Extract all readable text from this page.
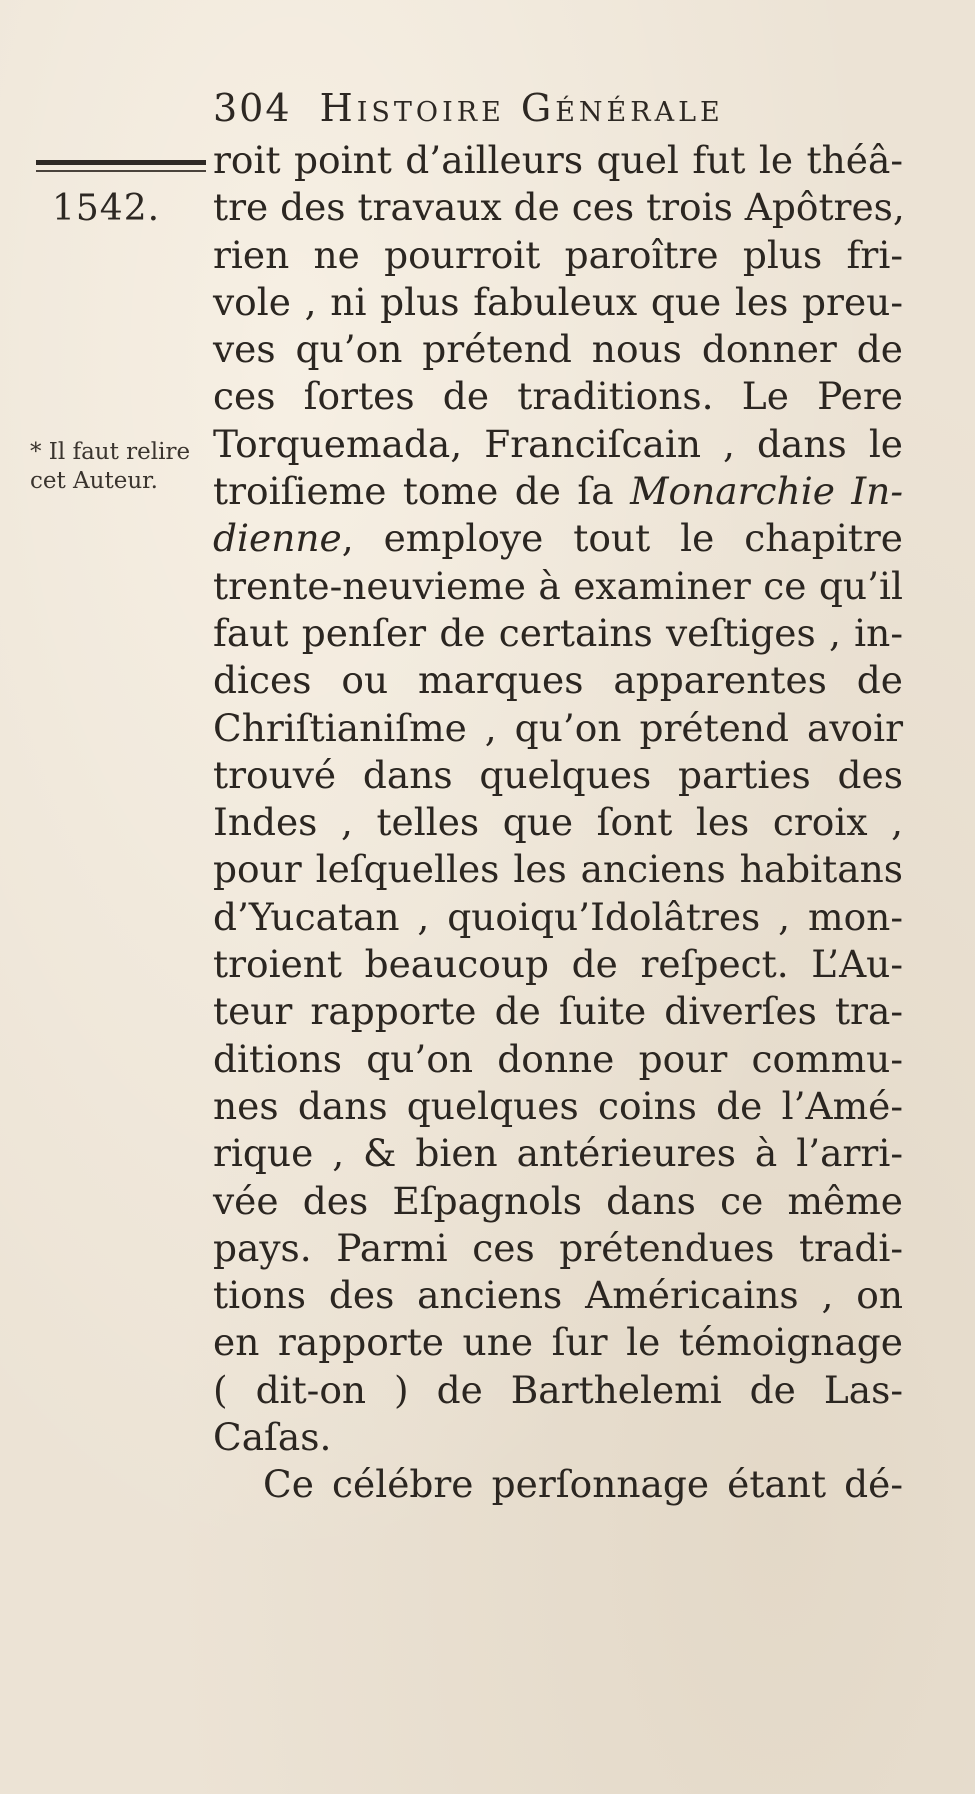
304 Histoire Générale
1542.
* Il faut relire cet Auteur.
roit point d’ailleurs quel fut le théâ-
tre des travaux de ces trois Apôtres,
rien ne pourroit paroître plus fri-
vole , ni plus fabuleux que les preu-
ves qu’on prétend nous donner de
ces ſortes de traditions. Le Pere
Torquemada, Franciſcain , dans le
troiſieme tome de ſa Monarchie In-
dienne, employe tout le chapitre
trente-neuvieme à examiner ce qu’il
faut penſer de certains veſtiges , in-
dices ou marques apparentes de
Chriſtianiſme , qu’on prétend avoir
trouvé dans quelques parties des
Indes , telles que ſont les croix ,
pour leſquelles les anciens habitans
d’Yucatan , quoiqu’Idolâtres , mon-
troient beaucoup de reſpect. L’Au-
teur rapporte de ſuite diverſes tra-
ditions qu’on donne pour commu-
nes dans quelques coins de l’Amé-
rique , & bien antérieures à l’arri-
vée des Eſpagnols dans ce même
pays. Parmi ces prétendues tradi-
tions des anciens Américains , on
en rapporte une ſur le témoignage
( dit-on ) de Barthelemi de Las-
Caſas.
Ce célébre perſonnage étant dé-
